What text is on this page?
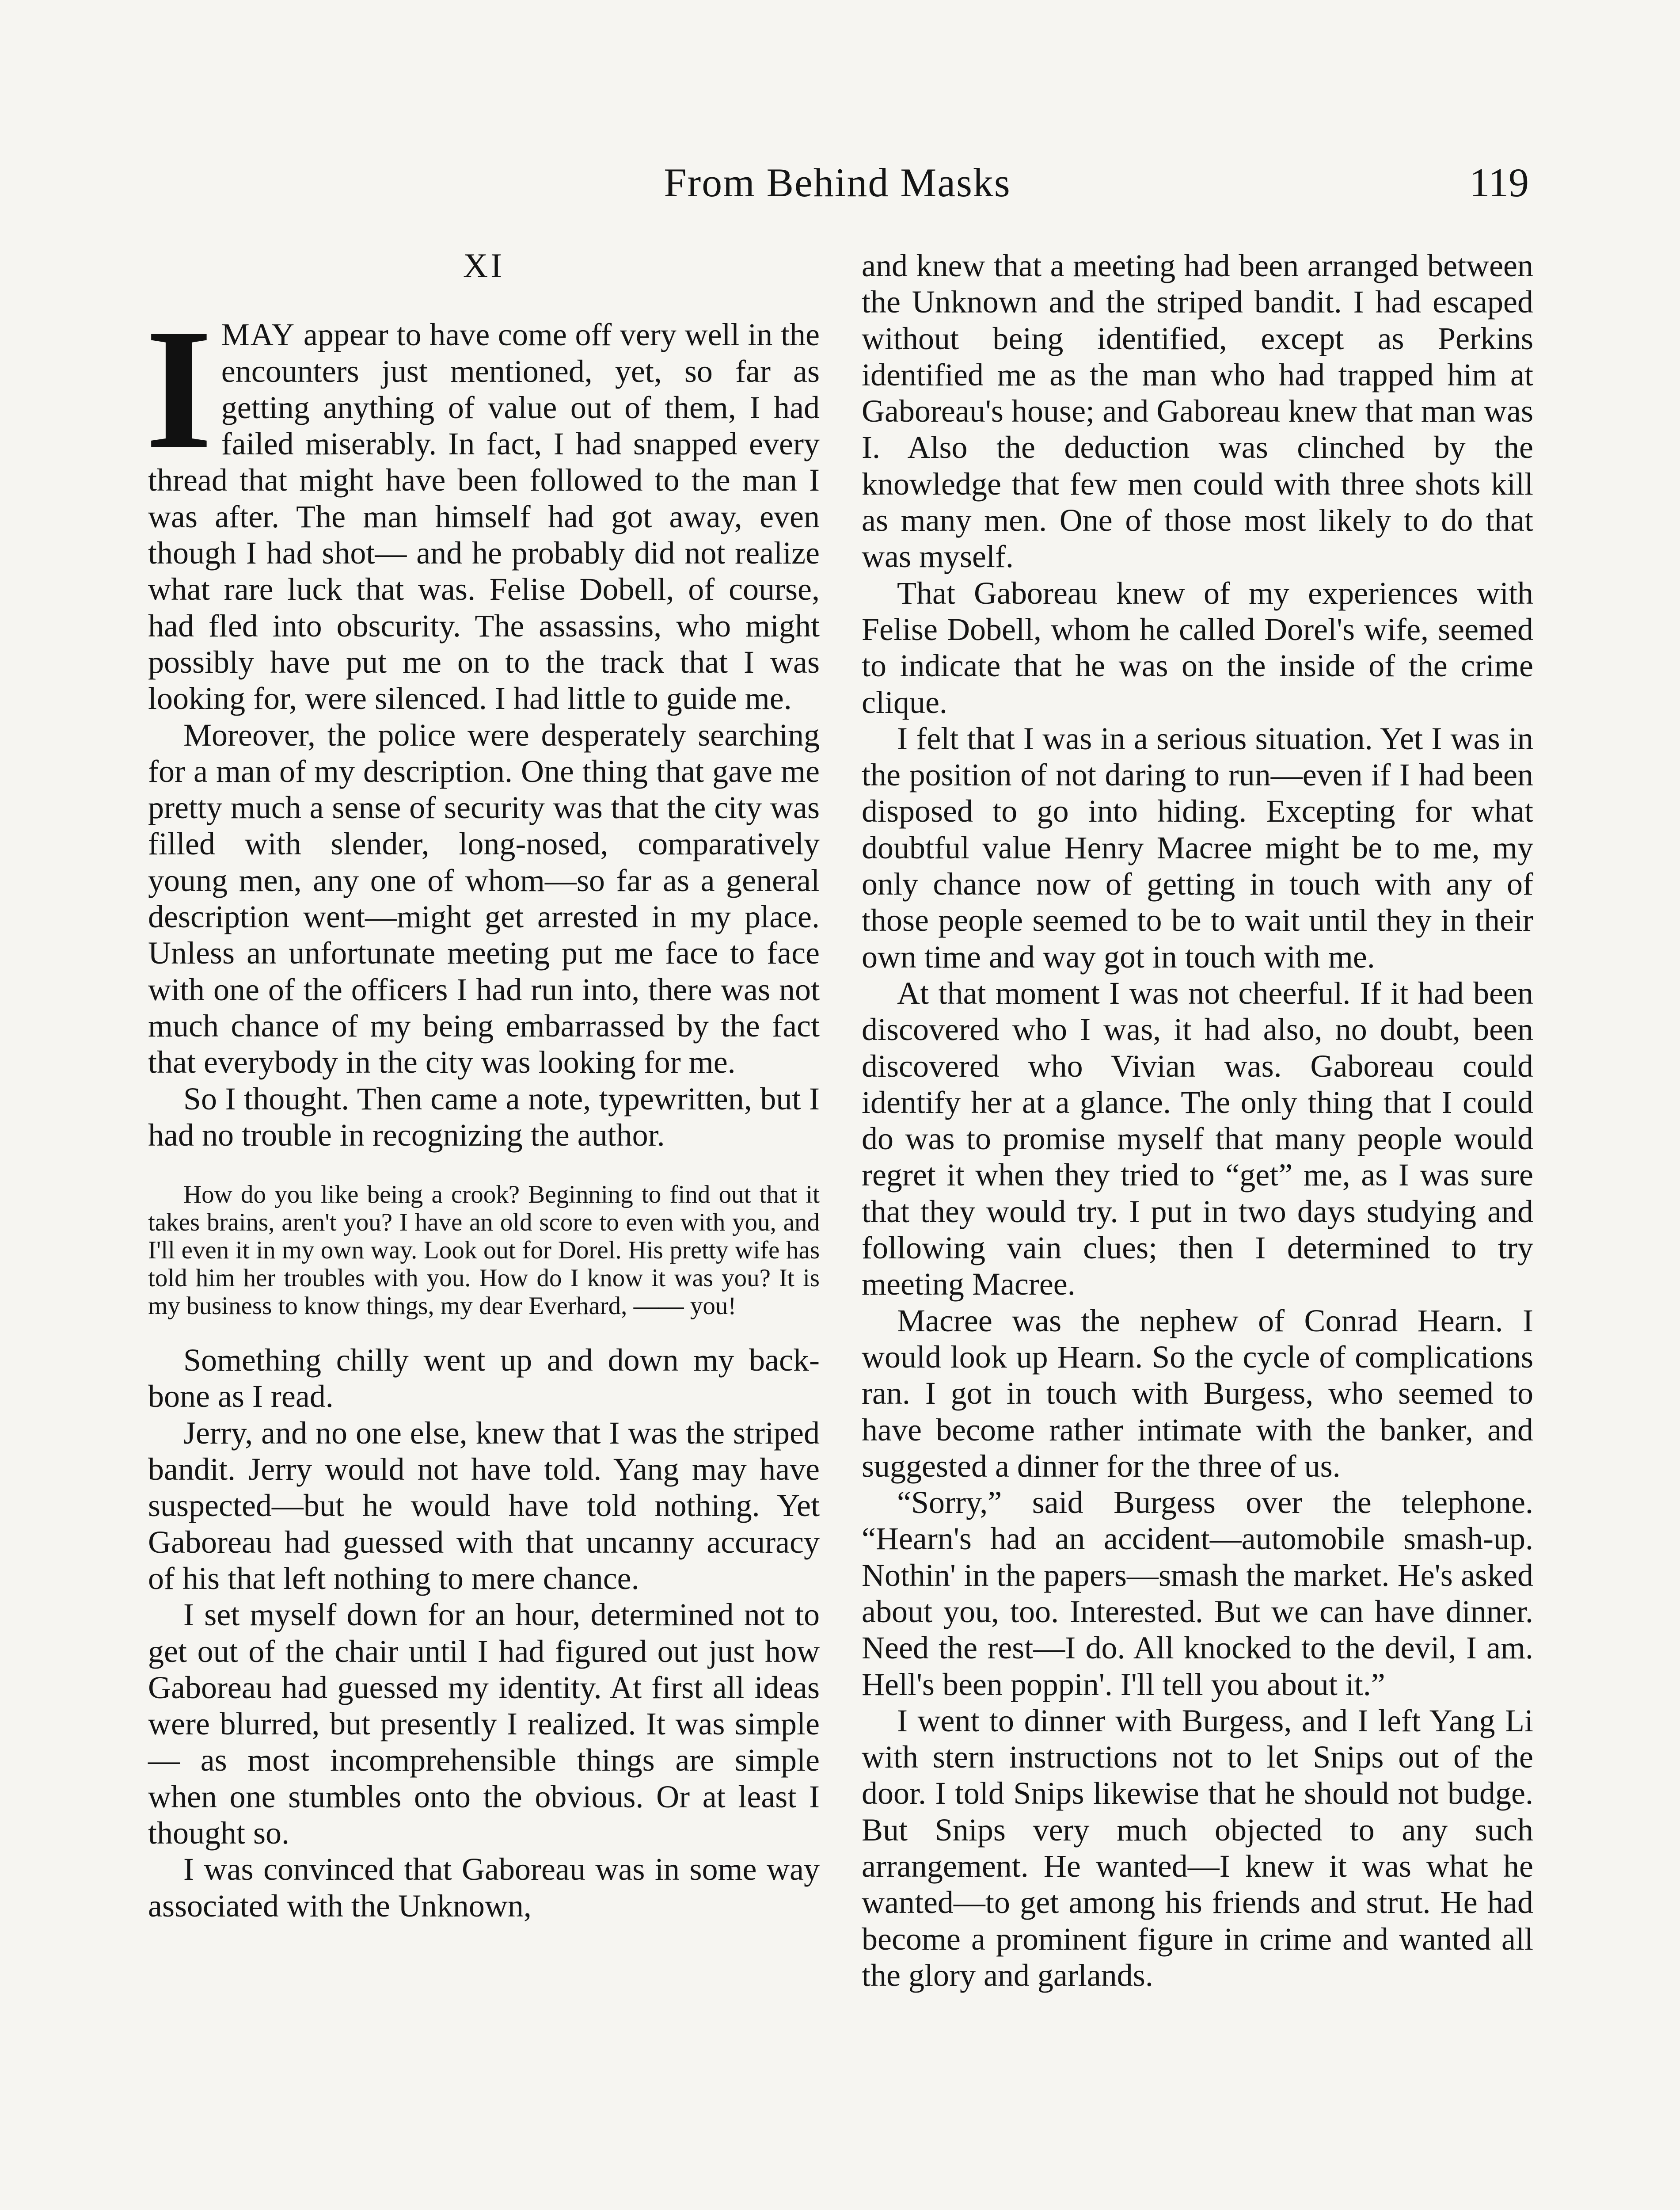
From Behind Masks	119
XI

IMAY appear to have come off very well in the encounters just mentioned, yet, so far as getting anything of value out of them, I had failed miserably. In fact, I had snapped every thread that might have been followed to the man I was after. The man himself had got away, even though I had shot— and he probably did not realize what rare luck that was. Felise Dobell, of course, had fled into obscurity. The assassins, who might possibly have put me on to the track that I was looking for, were silenced. I had little to guide me.

Moreover, the police were desperately searching for a man of my description. One thing that gave me pretty much a sense of security was that the city was filled with slender, long-nosed, comparatively young men, any one of whom—so far as a general description went—might get arrested in my place. Unless an unfortunate meeting put me face to face with one of the officers I had run into, there was not much chance of my being embarrassed by the fact that everybody in the city was looking for me.

So I thought. Then came a note, typewritten, but I had no trouble in recognizing the author.

How do you like being a crook? Beginning to find out that it takes brains, aren't you? I have an old score to even with you, and I'll even it in my own way. Look out for Dorel. His pretty wife has told him her troubles with you. How do I know it was you? It is my business to know things, my dear Everhard, —— you!

Something chilly went up and down my back-bone as I read.

Jerry, and no one else, knew that I was the striped bandit. Jerry would not have told. Yang may have suspected—but he would have told nothing. Yet Gaboreau had guessed with that uncanny accuracy of his that left nothing to mere chance.

I set myself down for an hour, determined not to get out of the chair until I had figured out just how Gaboreau had guessed my identity. At first all ideas were blurred, but presently I realized. It was simple— as most incomprehensible things are simple when one stumbles onto the obvious. Or at least I thought so.

I was convinced that Gaboreau was in some way associated with the Unknown,

and knew that a meeting had been arranged between the Unknown and the striped bandit. I had escaped without being identified, except as Perkins identified me as the man who had trapped him at Gaboreau's house; and Gaboreau knew that man was I. Also the deduction was clinched by the knowledge that few men could with three shots kill as many men. One of those most likely to do that was myself.

That Gaboreau knew of my experiences with Felise Dobell, whom he called Dorel's wife, seemed to indicate that he was on the inside of the crime clique.

I felt that I was in a serious situation. Yet I was in the position of not daring to run—even if I had been disposed to go into hiding. Excepting for what doubtful value Henry Macree might be to me, my only chance now of getting in touch with any of those people seemed to be to wait until they in their own time and way got in touch with me.

At that moment I was not cheerful. If it had been discovered who I was, it had also, no doubt, been discovered who Vivian was. Gaboreau could identify her at a glance. The only thing that I could do was to promise myself that many people would regret it when they tried to “get” me, as I was sure that they would try. I put in two days studying and following vain clues; then I determined to try meeting Macree.

Macree was the nephew of Conrad Hearn. I would look up Hearn. So the cycle of complications ran. I got in touch with Burgess, who seemed to have become rather intimate with the banker, and suggested a dinner for the three of us.

“Sorry,” said Burgess over the telephone. “Hearn's had an accident—automobile smash-up. Nothin' in the papers—smash the market. He's asked about you, too. Interested. But we can have dinner. Need the rest—I do. All knocked to the devil, I am. Hell's been poppin'. I'll tell you about it.”

I went to dinner with Burgess, and I left Yang Li with stern instructions not to let Snips out of the door. I told Snips likewise that he should not budge. But Snips very much objected to any such arrangement. He wanted—I knew it was what he wanted—to get among his friends and strut. He had become a prominent figure in crime and wanted all the glory and garlands.
